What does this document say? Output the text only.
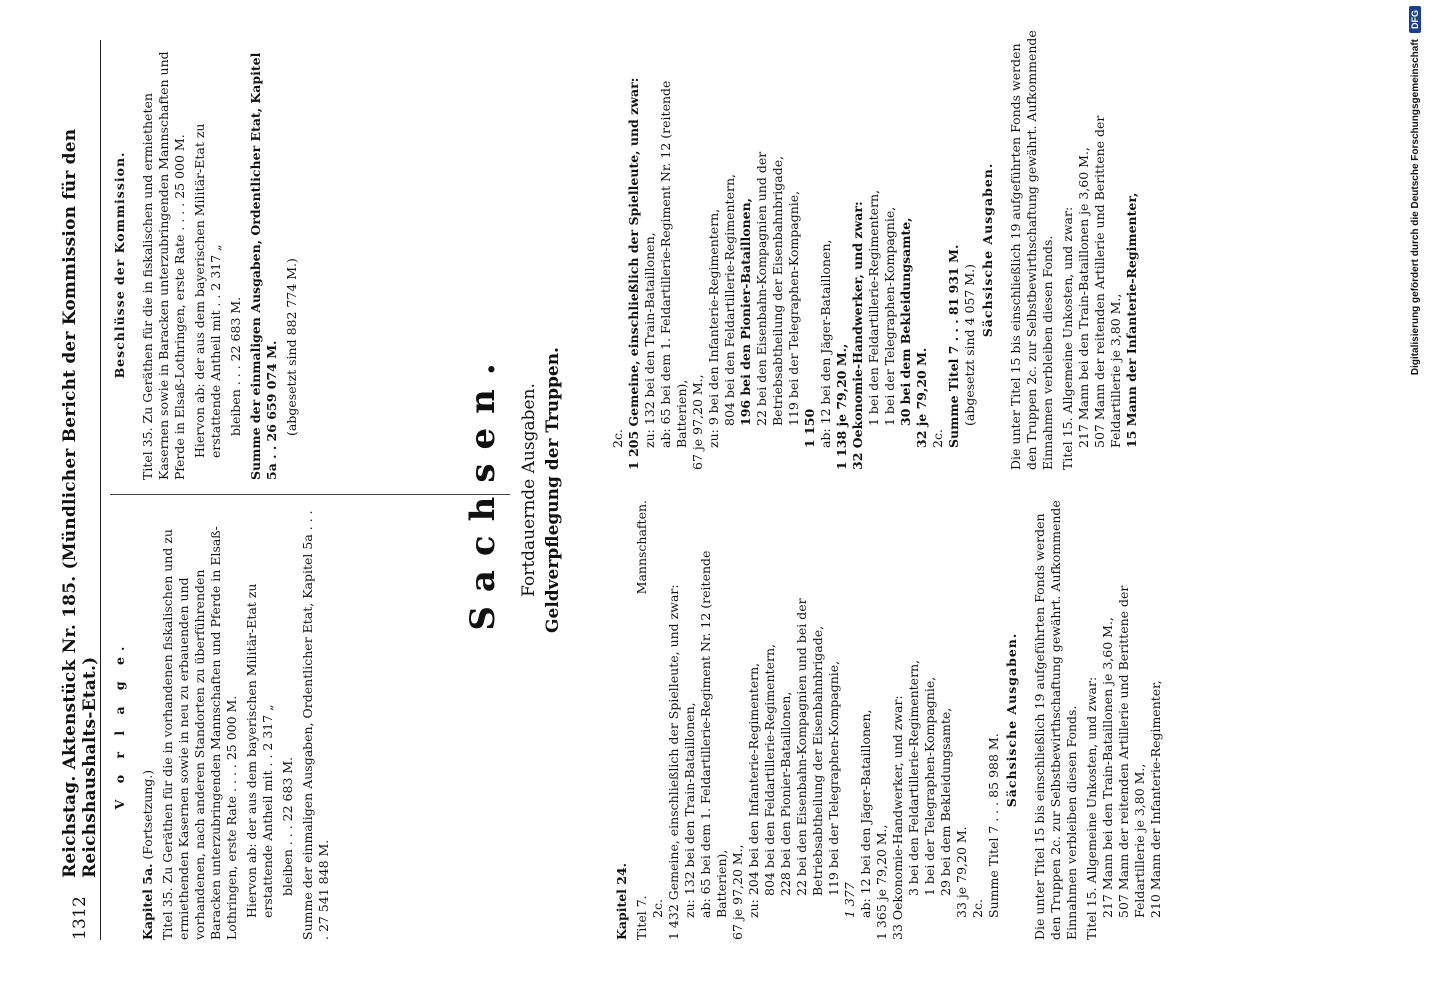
Digitalisierung gefördert durch die Deutsche Forschungsgemeinschaft
DFG
1312
Reichstag. Aktenstück Nr. 185. (Mündlicher Bericht der Kommission für den Reichshaushalts-Etat.) V o r l a g e.
Kapitel 5a. (Fortsetzung.) Titel 35. Zu Geräthen für die in vorhandenen fiskalischen und zu ermiethenden Kasernen sowie in neu zu erbauenden und vorhandenen, nach anderen Standorten zu überführenden Baracken unterzubringenden Mannschaften und Pferde in Elsaß-Lothringen, erste Rate . . . . 25 000 M. Hiervon ab: der aus dem bayerischen Militär-Etat zu erstattende Antheil mit . . 2 317 „ bleiben . . . 22 683 M. Summe der einmaligen Ausgaben, Ordentlicher Etat, Kapitel 5a . . . . 27 541 848 M.
Beschlüsse der Kommission. Titel 35. Zu Geräthen für die in fiskalischen und ermietheten Kasernen sowie in Baracken unterzubringenden Mannschaften und Pferde in Elsaß-Lothringen, erste Rate . . . . 25 000 M. Hiervon ab: der aus dem bayerischen Militär-Etat zu erstattende Antheil mit . . 2 317 „ bleiben . . . 22 683 M. Summe der einmaligen Ausgaben, Ordentlicher Etat, Kapitel 5a . . 26 659 074 M. (abgesetzt sind 882 774 M.)
Sachsen. Fortdauernde Ausgaben. Geldverpflegung der Truppen.
Kapitel 24. Titel 7.
Mannschaften.
2c. 1 432 Gemeine, einschließlich der Spielleute, und zwar: zu: 132 bei den Train-Bataillonen, ab: 65 bei dem 1. Feldartillerie-Regiment Nr. 12 (reitende Batterien), 67 je 97,20 M., zu: 204 bei den Infanterie-Regimentern, 804 bei den Feldartillerie-Regimentern, 228 bei den Pionier-Bataillonen, 22 bei den Eisenbahn-Kompagnien und bei der Betriebsabtheilung der Eisenbahnbrigade, 119 bei der Telegraphen-Kompagnie,
1 377 ab: 12 bei den Jäger-Bataillonen, 1 365 je 79,20 M., 33 Oekonomie-Handwerker, und zwar: 3 bei den Feldartillerie-Regimentern, 1 bei der Telegraphen-Kompagnie, 29 bei dem Bekleidungsamte, 33 je 79,20 M. 2c. Summe Titel 7 . . . 85 988 M.
Sächsische Ausgaben. Die unter Titel 15 bis einschließlich 19 aufgeführten Fonds werden den Truppen 2c. zur Selbstbewirthschaftung gewährt. Aufkommende Einnahmen verbleiben diesen Fonds. Titel 15. Allgemeine Unkosten, und zwar: 217 Mann bei den Train-Bataillonen je 3,60 M., 507 Mann der reitenden Artillerie und Berittene der Feldartillerie je 3,80 M., 210 Mann der Infanterie-Regimenter,
2c. 1 205 Gemeine, einschließlich der Spielleute, und zwar: zu: 132 bei den Train-Bataillonen, ab: 65 bei dem 1. Feldartillerie-Regiment Nr. 12 (reitende Batterien), 67 je 97,20 M., zu: 9 bei den Infanterie-Regimentern, 804 bei den Feldartillerie-Regimentern, 196 bei den Pionier-Bataillonen, 22 bei den Eisenbahn-Kompagnien und der Betriebsabtheilung der Eisenbahnbrigade, 119 bei der Telegraphen-Kompagnie,
1 150 ab: 12 bei den Jäger-Bataillonen, 1 138 je 79,20 M., 32 Oekonomie-Handwerker, und zwar: 1 bei den Feldartillerie-Regimentern, 1 bei der Telegraphen-Kompagnie, 30 bei dem Bekleidungsamte, 32 je 79,20 M. 2c. Summe Titel 7 . . . 81 931 M. (abgesetzt sind 4 057 M.)
Sächsische Ausgaben. Die unter Titel 15 bis einschließlich 19 aufgeführten Fonds werden den Truppen 2c. zur Selbstbewirthschaftung gewährt. Aufkommende Einnahmen verbleiben diesen Fonds. Titel 15. Allgemeine Unkosten, und zwar: 217 Mann bei den Train-Bataillonen je 3,60 M., 507 Mann der reitenden Artillerie und Berittene der Feldartillerie je 3,80 M., 15 Mann der Infanterie-Regimenter,
